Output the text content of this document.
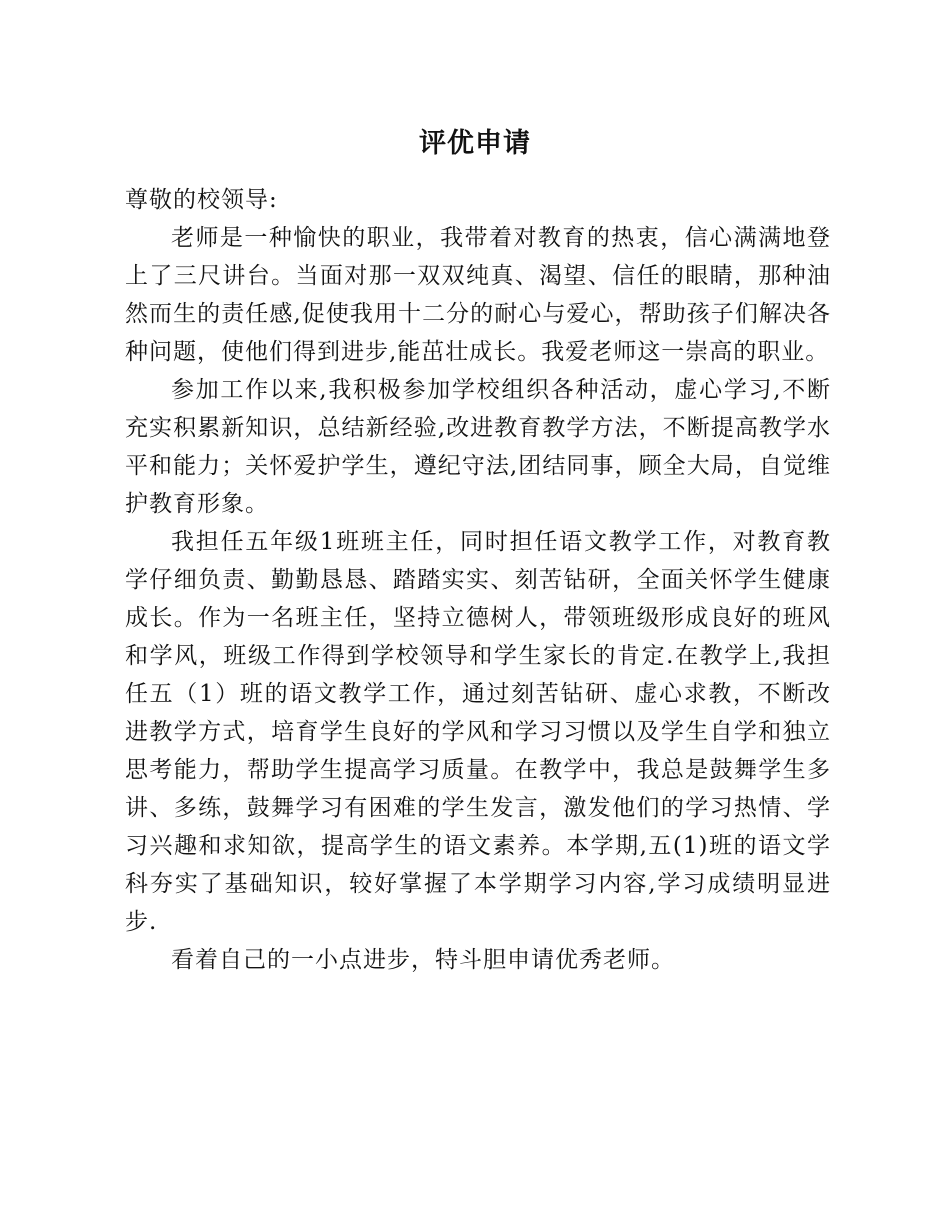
评优申请

尊敬的校领导:

老师是一种愉快的职业，我带着对教育的热衷，信心满满地登上了三尺讲台。当面对那一双双纯真、渴望、信任的眼睛，那种油然而生的责任感,促使我用十二分的耐心与爱心，帮助孩子们解决各种问题，使他们得到进步,能茁壮成长。我爱老师这一崇高的职业。

参加工作以来,我积极参加学校组织各种活动，虚心学习,不断充实积累新知识，总结新经验,改进教育教学方法，不断提高教学水平和能力；关怀爱护学生，遵纪守法,团结同事，顾全大局，自觉维护教育形象。

我担任五年级1班班主任，同时担任语文教学工作，对教育教学仔细负责、勤勤恳恳、踏踏实实、刻苦钻研，全面关怀学生健康成长。作为一名班主任，坚持立德树人，带领班级形成良好的班风和学风，班级工作得到学校领导和学生家长的肯定.在教学上,我担任五（1）班的语文教学工作，通过刻苦钻研、虚心求教，不断改进教学方式，培育学生良好的学风和学习习惯以及学生自学和独立思考能力，帮助学生提高学习质量。在教学中，我总是鼓舞学生多讲、多练，鼓舞学习有困难的学生发言，激发他们的学习热情、学习兴趣和求知欲，提高学生的语文素养。本学期,五(1)班的语文学科夯实了基础知识，较好掌握了本学期学习内容,学习成绩明显进步.

看着自己的一小点进步，特斗胆申请优秀老师。
